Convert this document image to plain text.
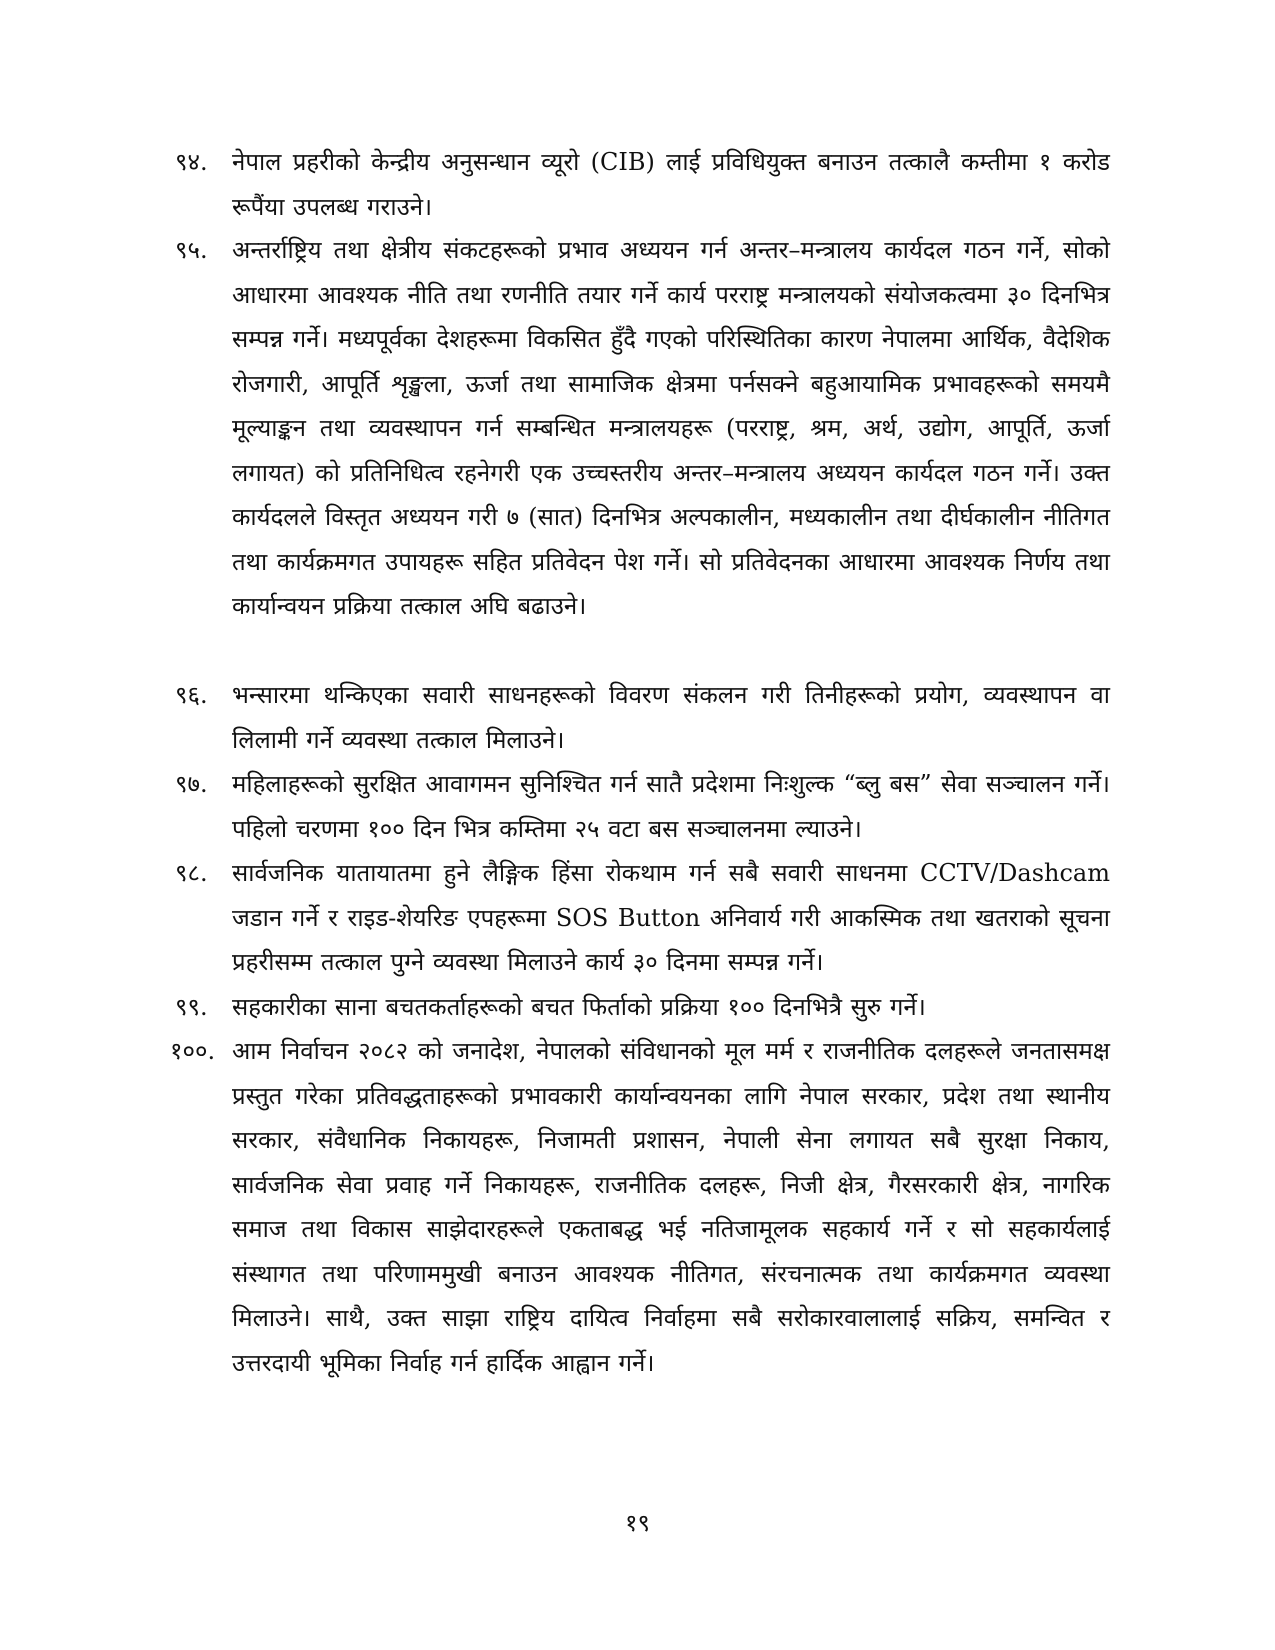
९४.	नेपाल प्रहरीको केन्द्रीय अनुसन्धान व्यूरो (CIB) लाई प्रविधियुक्त बनाउन तत्कालै कम्तीमा १ करोड रूपैंया उपलब्ध गराउने।
९५.	अन्तर्राष्ट्रिय तथा क्षेत्रीय संकटहरूको प्रभाव अध्ययन गर्न अन्तर–मन्त्रालय कार्यदल गठन गर्ने, सोको आधारमा आवश्यक नीति तथा रणनीति तयार गर्ने कार्य परराष्ट्र मन्त्रालयको संयोजकत्वमा ३० दिनभित्र सम्पन्न गर्ने। मध्यपूर्वका देशहरूमा विकसित हुँदै गएको परिस्थितिका कारण नेपालमा आर्थिक, वैदेशिक रोजगारी, आपूर्ति शृङ्खला, ऊर्जा तथा सामाजिक क्षेत्रमा पर्नसक्ने बहुआयामिक प्रभावहरूको समयमै मूल्याङ्कन तथा व्यवस्थापन गर्न सम्बन्धित मन्त्रालयहरू (परराष्ट्र, श्रम, अर्थ, उद्योग, आपूर्ति, ऊर्जा लगायत) को प्रतिनिधित्व रहनेगरी एक उच्चस्तरीय अन्तर–मन्त्रालय अध्ययन कार्यदल गठन गर्ने। उक्त कार्यदलले विस्तृत अध्ययन गरी ७ (सात) दिनभित्र अल्पकालीन, मध्यकालीन तथा दीर्घकालीन नीतिगत तथा कार्यक्रमगत उपायहरू सहित प्रतिवेदन पेश गर्ने। सो प्रतिवेदनका आधारमा आवश्यक निर्णय तथा कार्यान्वयन प्रक्रिया तत्काल अघि बढाउने।
९६.	भन्सारमा थन्किएका सवारी साधनहरूको विवरण संकलन गरी तिनीहरूको प्रयोग, व्यवस्थापन वा लिलामी गर्ने व्यवस्था तत्काल मिलाउने।
९७.	महिलाहरूको सुरक्षित आवागमन सुनिश्चित गर्न सातै प्रदेशमा निःशुल्क “ब्लु बस” सेवा सञ्चालन गर्ने। पहिलो चरणमा १०० दिन भित्र कम्तिमा २५ वटा बस सञ्चालनमा ल्याउने।
९८.	सार्वजनिक यातायातमा हुने लैङ्गिक हिंसा रोकथाम गर्न सबै सवारी साधनमा CCTV/Dashcam जडान गर्ने र राइड-शेयरिङ एपहरूमा SOS Button अनिवार्य गरी आकस्मिक तथा खतराको सूचना प्रहरीसम्म तत्काल पुग्ने व्यवस्था मिलाउने कार्य ३० दिनमा सम्पन्न गर्ने।
९९.	सहकारीका साना बचतकर्ताहरूको बचत फिर्ताको प्रक्रिया १०० दिनभित्रै सुरु गर्ने।
१००. आम निर्वाचन २०८२ को जनादेश, नेपालको संविधानको मूल मर्म र राजनीतिक दलहरूले जनतासमक्ष प्रस्तुत गरेका प्रतिवद्धताहरूको प्रभावकारी कार्यान्वयनका लागि नेपाल सरकार, प्रदेश तथा स्थानीय सरकार, संवैधानिक निकायहरू, निजामती प्रशासन, नेपाली सेना लगायत सबै सुरक्षा निकाय, सार्वजनिक सेवा प्रवाह गर्ने निकायहरू, राजनीतिक दलहरू, निजी क्षेत्र, गैरसरकारी क्षेत्र, नागरिक समाज तथा विकास साझेदारहरूले एकताबद्ध भई नतिजामूलक सहकार्य गर्ने र सो सहकार्यलाई संस्थागत तथा परिणाममुखी बनाउन आवश्यक नीतिगत, संरचनात्मक तथा कार्यक्रमगत व्यवस्था मिलाउने। साथै, उक्त साझा राष्ट्रिय दायित्व निर्वाहमा सबै सरोकारवालालाई सक्रिय, समन्वित र उत्तरदायी भूमिका निर्वाह गर्न हार्दिक आह्वान गर्ने।
१९
